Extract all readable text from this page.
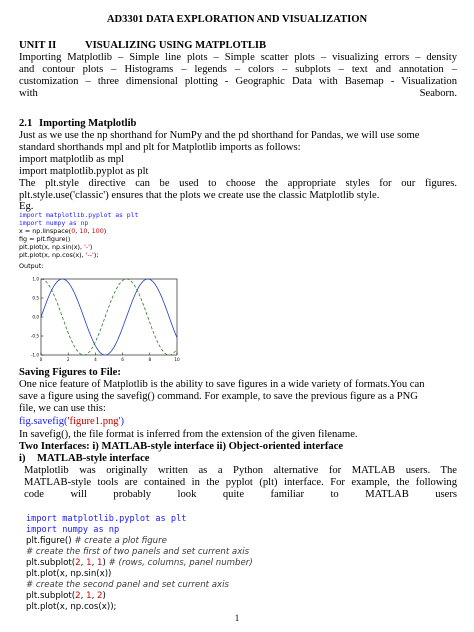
AD3301 DATA EXPLORATION AND VISUALIZATION
UNIT II	VISUALIZING USING MATPLOTLIB
Importing Matplotlib – Simple line plots – Simple scatter plots – visualizing errors – density
and contour plots – Histograms – legends – colors – subplots – text and annotation –
customization – three dimensional plotting - Geographic Data with Basemap - Visualization
with Seaborn.
2.1 Importing Matplotlib
Just as we use the np shorthand for NumPy and the pd shorthand for Pandas, we will use some
standard shorthands mpl and plt for Matplotlib imports as follows:
import matplotlib as mpl
import matplotlib.pyplot as plt
The plt.style directive can be used to choose the appropriate styles for our figures.
plt.style.use('classic') ensures that the plots we create use the classic Matplotlib style.
Eg.
import matplotlib.pyplot as plt
import numpy as np
x = np.linspace(0, 10, 100)
fig = plt.figure()
plt.plot(x, np.sin(x), '-')
plt.plot(x, np.cos(x), '--');
Output:
0	2	4	6	8	10
1.0
0.5
0.0
-0.5
-1.0
Saving Figures to File:
One nice feature of Matplotlib is the ability to save figures in a wide variety of formats.You can
save a figure using the savefig() command. For example, to save the previous figure as a PNG
file, we can use this:
fig.savefig('figure1.png')
In savefig(), the file format is inferred from the extension of the given filename.
Two Interfaces: i) MATLAB-style interface ii) Object-oriented interface
i) MATLAB-style interface
Matplotlib was originally written as a Python alternative for MATLAB users. The
MATLAB-style tools are contained in the pyplot (plt) interface. For example, the following
code will probably look quite familiar to MATLAB users
import matplotlib.pyplot as plt
import numpy as np
plt.figure() # create a plot figure
# create the first of two panels and set current axis
plt.subplot(2, 1, 1) # (rows, columns, panel number)
plt.plot(x, np.sin(x))
# create the second panel and set current axis
plt.subplot(2, 1, 2)
plt.plot(x, np.cos(x));
1
